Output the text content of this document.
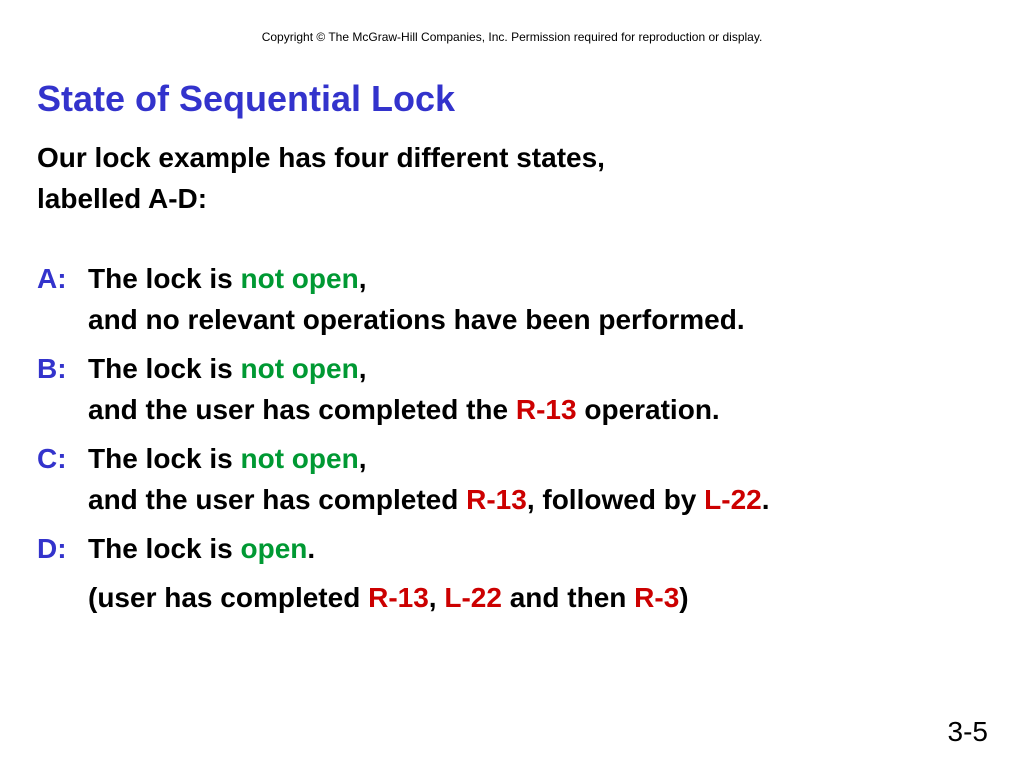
Copyright © The McGraw-Hill Companies, Inc. Permission required for reproduction or display.
State of Sequential Lock
Our lock example has four different states,
labelled A-D:
A: The lock is not open,
and no relevant operations have been performed.
B: The lock is not open,
and the user has completed the R-13 operation.
C: The lock is not open,
and the user has completed R-13, followed by L-22.
D: The lock is open.
(user has completed R-13, L-22 and then R-3)
3-5
